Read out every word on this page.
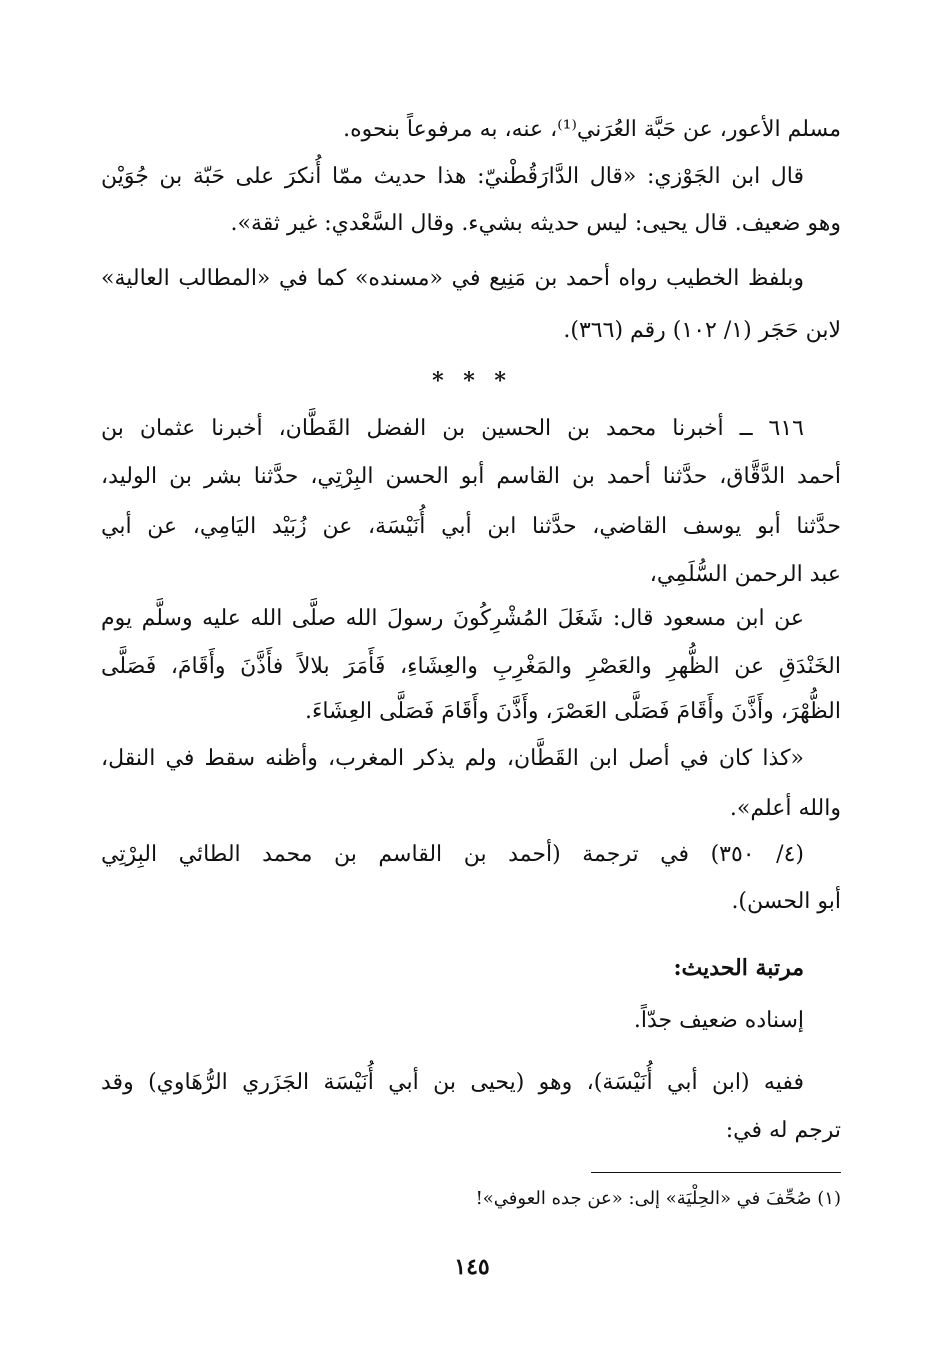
مسلم الأعور، عن حَبَّة العُرَني⁽¹⁾، عنه، به مرفوعاً بنحوه.
قال ابن الجَوْزي: «قال الدَّارَقُطْنيّ: هذا حديث ممّا أُنكرَ على حَبّة بن جُوَيْن
وهو ضعيف. قال يحيى: ليس حديثه بشيء. وقال السَّعْدي: غير ثقة».
وبلفظ الخطيب رواه أحمد بن مَنِيع في «مسنده» كما في «المطالب العالية»
لابن حَجَر (١/ ١٠٢) رقم (٣٦٦).
* * *
٦١٦ ــ أخبرنا محمد بن الحسين بن الفضل القَطَّان، أخبرنا عثمان بن
أحمد الدَّقَّاق، حدَّثنا أحمد بن القاسم أبو الحسن البِرْتِي، حدَّثنا بشر بن الوليد،
حدَّثنا أبو يوسف القاضي، حدَّثنا ابن أبي أُنَيْسَة، عن زُبَيْد اليَامِي، عن أبي
عبد الرحمن السُّلَمِي،
عن ابن مسعود قال: شَغَلَ المُشْرِكُونَ رسولَ الله صلَّى الله عليه وسلَّم يوم
الخَنْدَقِ عن الظُّهرِ والعَصْرِ والمَغْرِبِ والعِشَاءِ، فَأَمَرَ بلالاً فأَذَّنَ وأَقَامَ، فَصَلَّى
الظُّهْرَ، وأَذَّنَ وأَقَامَ فَصَلَّى العَصْرَ، وأَذَّنَ وأَقَامَ فَصَلَّى العِشَاءَ.
«كذا كان في أصل ابن القَطَّان، ولم يذكر المغرب، وأظنه سقط في النقل،
والله أعلم».
(٤/ ٣٥٠) في ترجمة (أحمد بن القاسم بن محمد الطائي البِرْتِي
أبو الحسن).
مرتبة الحديث:
إسناده ضعيف جدّاً.
ففيه (ابن أبي أُنَيْسَة)، وهو (يحيى بن أبي أُنَيْسَة الجَزَري الرُّهَاوي) وقد
ترجم له في:
(١) صُحِّفَ في «الحِلْيَة» إلى: «عن جده العوفي»!
١٤٥
